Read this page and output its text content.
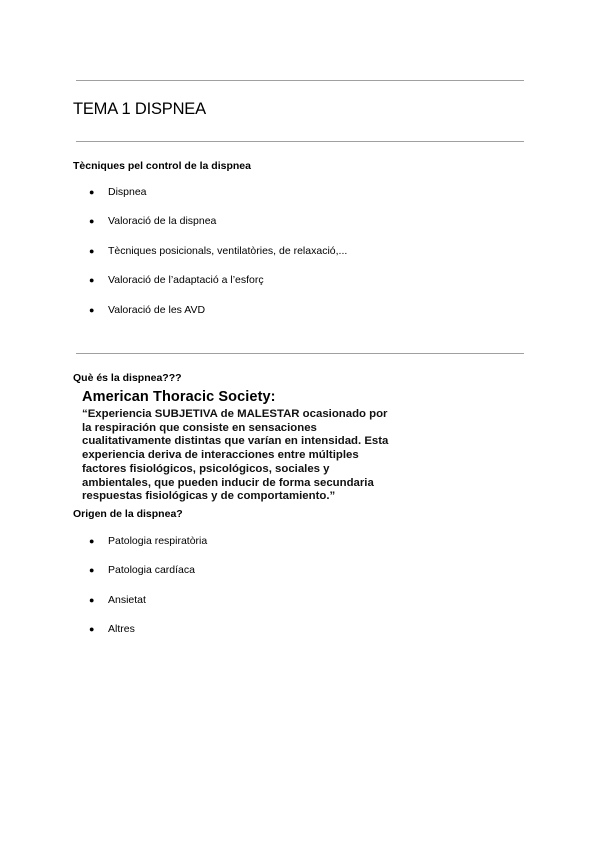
TEMA 1 DISPNEA
Tècniques pel control de la dispnea
● Dispnea
● Valoració de la dispnea
● Tècniques posicionals, ventilatòries, de relaxació,...
● Valoració de l’adaptació a l’esforç
● Valoració de les AVD
Què és la dispnea???

American Thoracic Society:

“Experiencia SUBJETIVA de MALESTAR ocasionado por
la respiración que consiste en sensaciones
cualitativamente distintas que varían en intensidad. Esta
experiencia deriva de interacciones entre múltiples
factores fisiológicos, psicológicos, sociales y
ambientales, que pueden inducir de forma secundaria
respuestas fisiológicas y de comportamiento.”

Origen de la dispnea?
● Patologia respiratòria
● Patologia cardíaca
● Ansietat
● Altres
